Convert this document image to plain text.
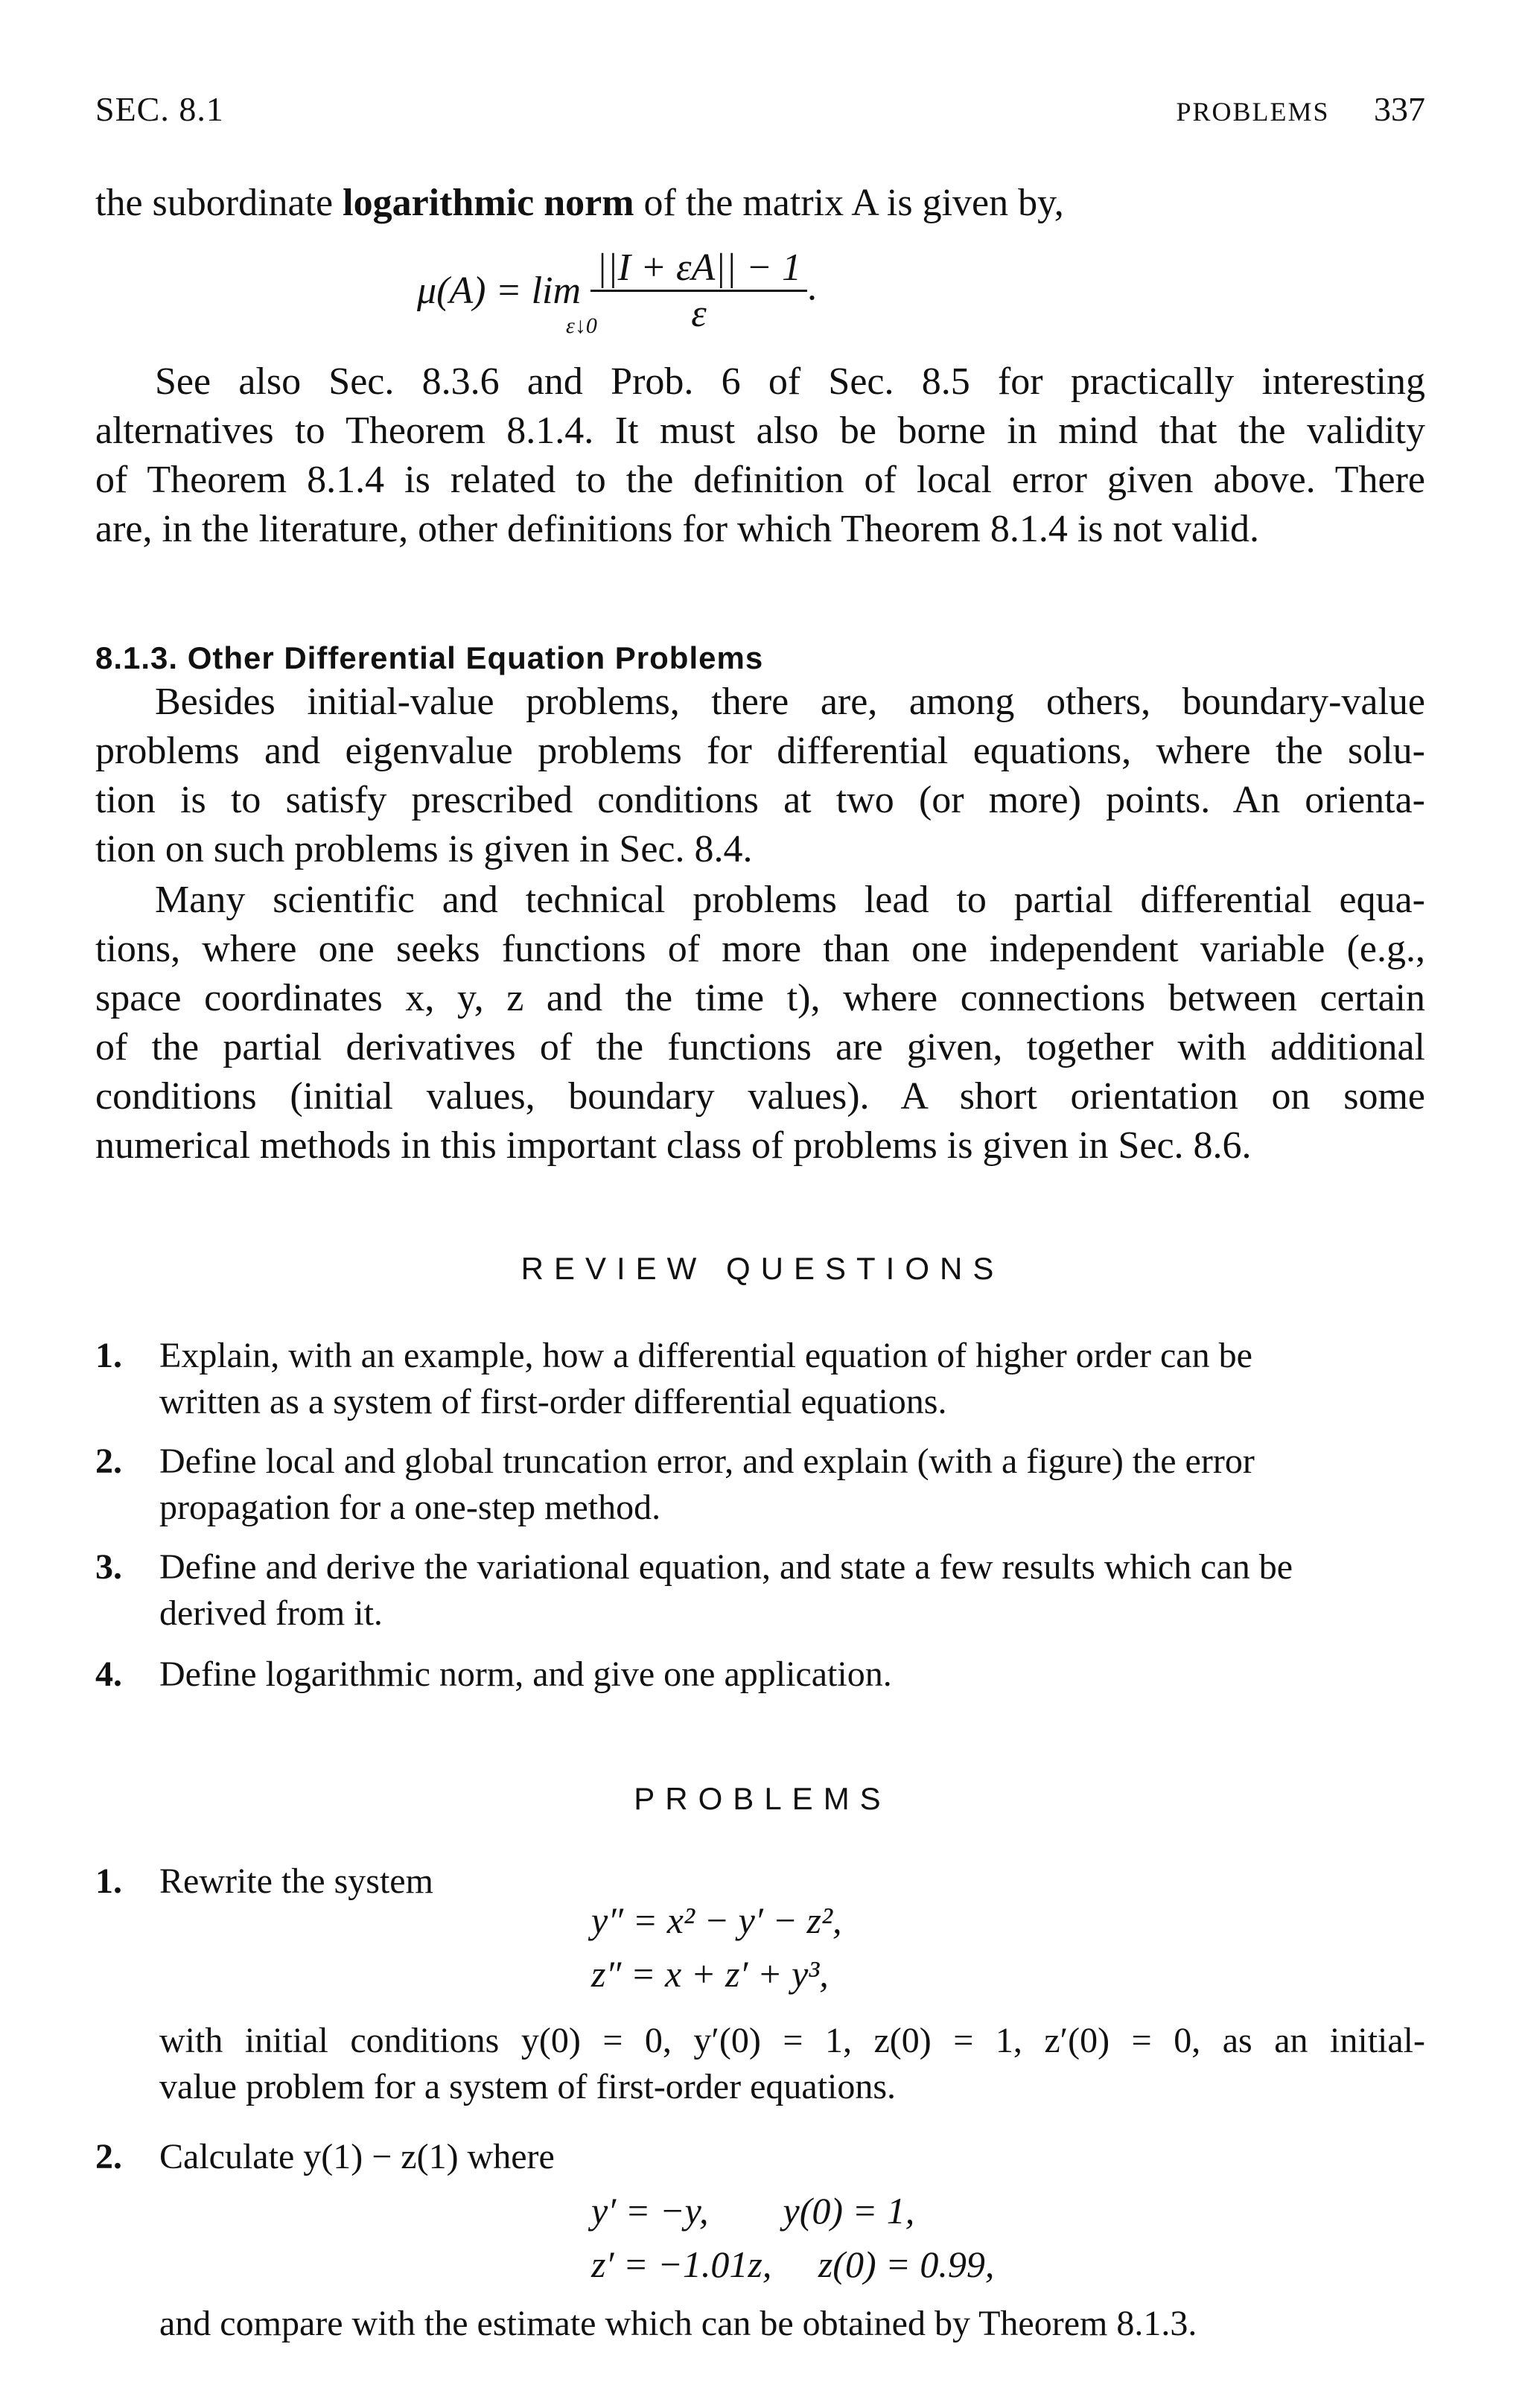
SEC. 8.1	PROBLEMS 337
the subordinate logarithmic norm of the matrix A is given by,
μ(A) = lim
ε↓0

$\frac{||I + \varepsilon A|| - 1}{\varepsilon}$ .
See also Sec. 8.3.6 and Prob. 6 of Sec. 8.5 for practically interesting
alternatives to Theorem 8.1.4. It must also be borne in mind that the validity
of Theorem 8.1.4 is related to the definition of local error given above. There
are, in the literature, other definitions for which Theorem 8.1.4 is not valid.
8.1.3. Other Differential Equation Problems
Besides initial-value problems, there are, among others, boundary-value
problems and eigenvalue problems for differential equations, where the solu-
tion is to satisfy prescribed conditions at two (or more) points. An orienta-
tion on such problems is given in Sec. 8.4.
Many scientific and technical problems lead to partial differential equa-
tions, where one seeks functions of more than one independent variable (e.g.,
space coordinates x, y, z and the time t), where connections between certain
of the partial derivatives of the functions are given, together with additional
conditions (initial values, boundary values). A short orientation on some
numerical methods in this important class of problems is given in Sec. 8.6.
REVIEW QUESTIONS
1. Explain, with an example, how a differential equation of higher order can be
written as a system of first-order differential equations.
2. Define local and global truncation error, and explain (with a figure) the error
propagation for a one-step method.
3. Define and derive the variational equation, and state a few results which can be
derived from it.
4. Define logarithmic norm, and give one application.
PROBLEMS
1. Rewrite the system
y″ = x² − y′ − z²,
z″ = x + z′ + y³,
with initial conditions y(0) = 0, y′(0) = 1, z(0) = 1, z′(0) = 0, as an initial-
value problem for a system of first-order equations.
2. Calculate y(1) − z(1) where
y′ = −y,        y(0) = 1,
z′ = −1.01z,     z(0) = 0.99,
and compare with the estimate which can be obtained by Theorem 8.1.3.
